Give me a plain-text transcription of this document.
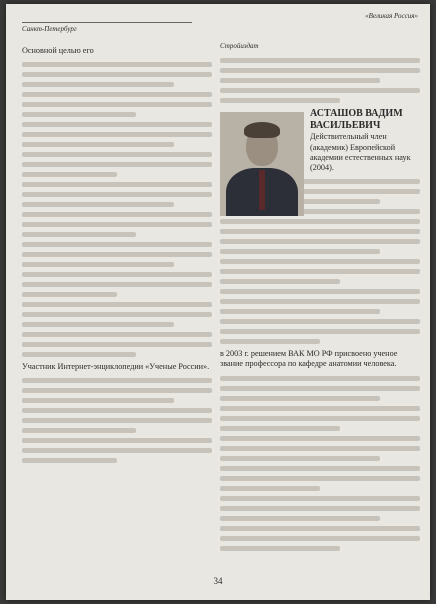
Санкт-Петербург
«Великая Россия»
Основной целью его
Участник Интернет-энциклопедии «Ученые России».
Стройиздат
АСТАШОВ ВАДИМ ВАСИЛЬЕВИЧ
Действительный член (академик) Европейской академии естественных наук (2004).
в 2003 г. решением ВАК МО РФ присвоено ученое звание профессора по кафедре анатомии человека.
34
